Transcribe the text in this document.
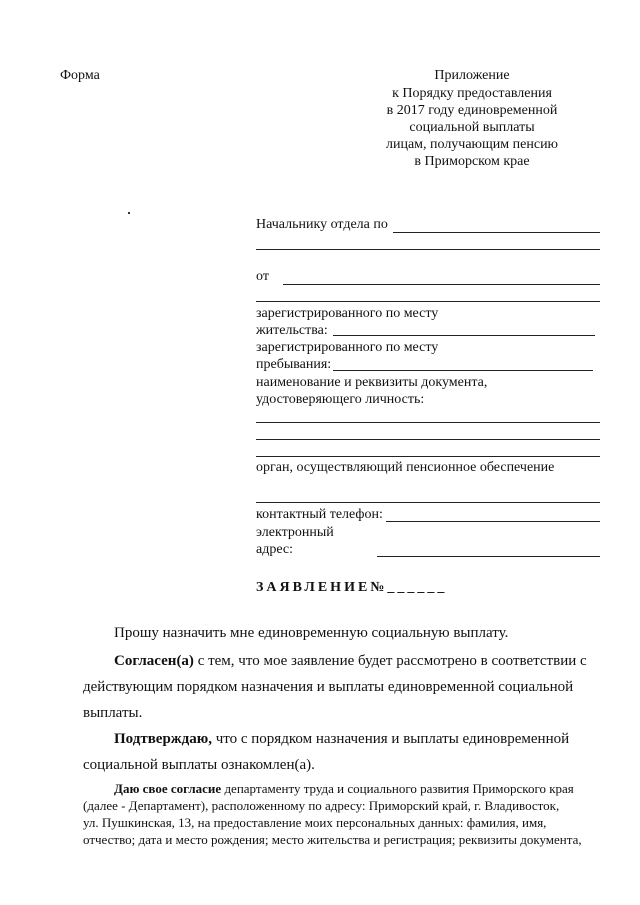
Форма	Приложение
к Порядку предоставления
в 2017 году единовременной
социальной выплаты
лицам, получающим пенсию
в Приморском крае
Начальнику отдела по
от
зарегистрированного по месту
жительства:
зарегистрированного по месту
пребывания:
наименование и реквизиты документа,
удостоверяющего личность:
орган, осуществляющий пенсионное обеспечение
контактный телефон:
электронный
адрес:
ЗАЯВЛЕНИЕ№______
Прошу назначить мне единовременную социальную выплату.
Согласен(а) с тем, что мое заявление будет рассмотрено в соответствии с
действующим порядком назначения и выплаты единовременной социальной
выплаты.
Подтверждаю, что с порядком назначения и выплаты единовременной
социальной выплаты ознакомлен(а).
Даю свое согласие департаменту труда и социального развития Приморского края
(далее - Департамент), расположенному по адресу: Приморский край, г. Владивосток,
ул. Пушкинская, 13, на предоставление моих персональных данных: фамилия, имя,
отчество; дата и место рождения; место жительства и регистрация; реквизиты документа,
